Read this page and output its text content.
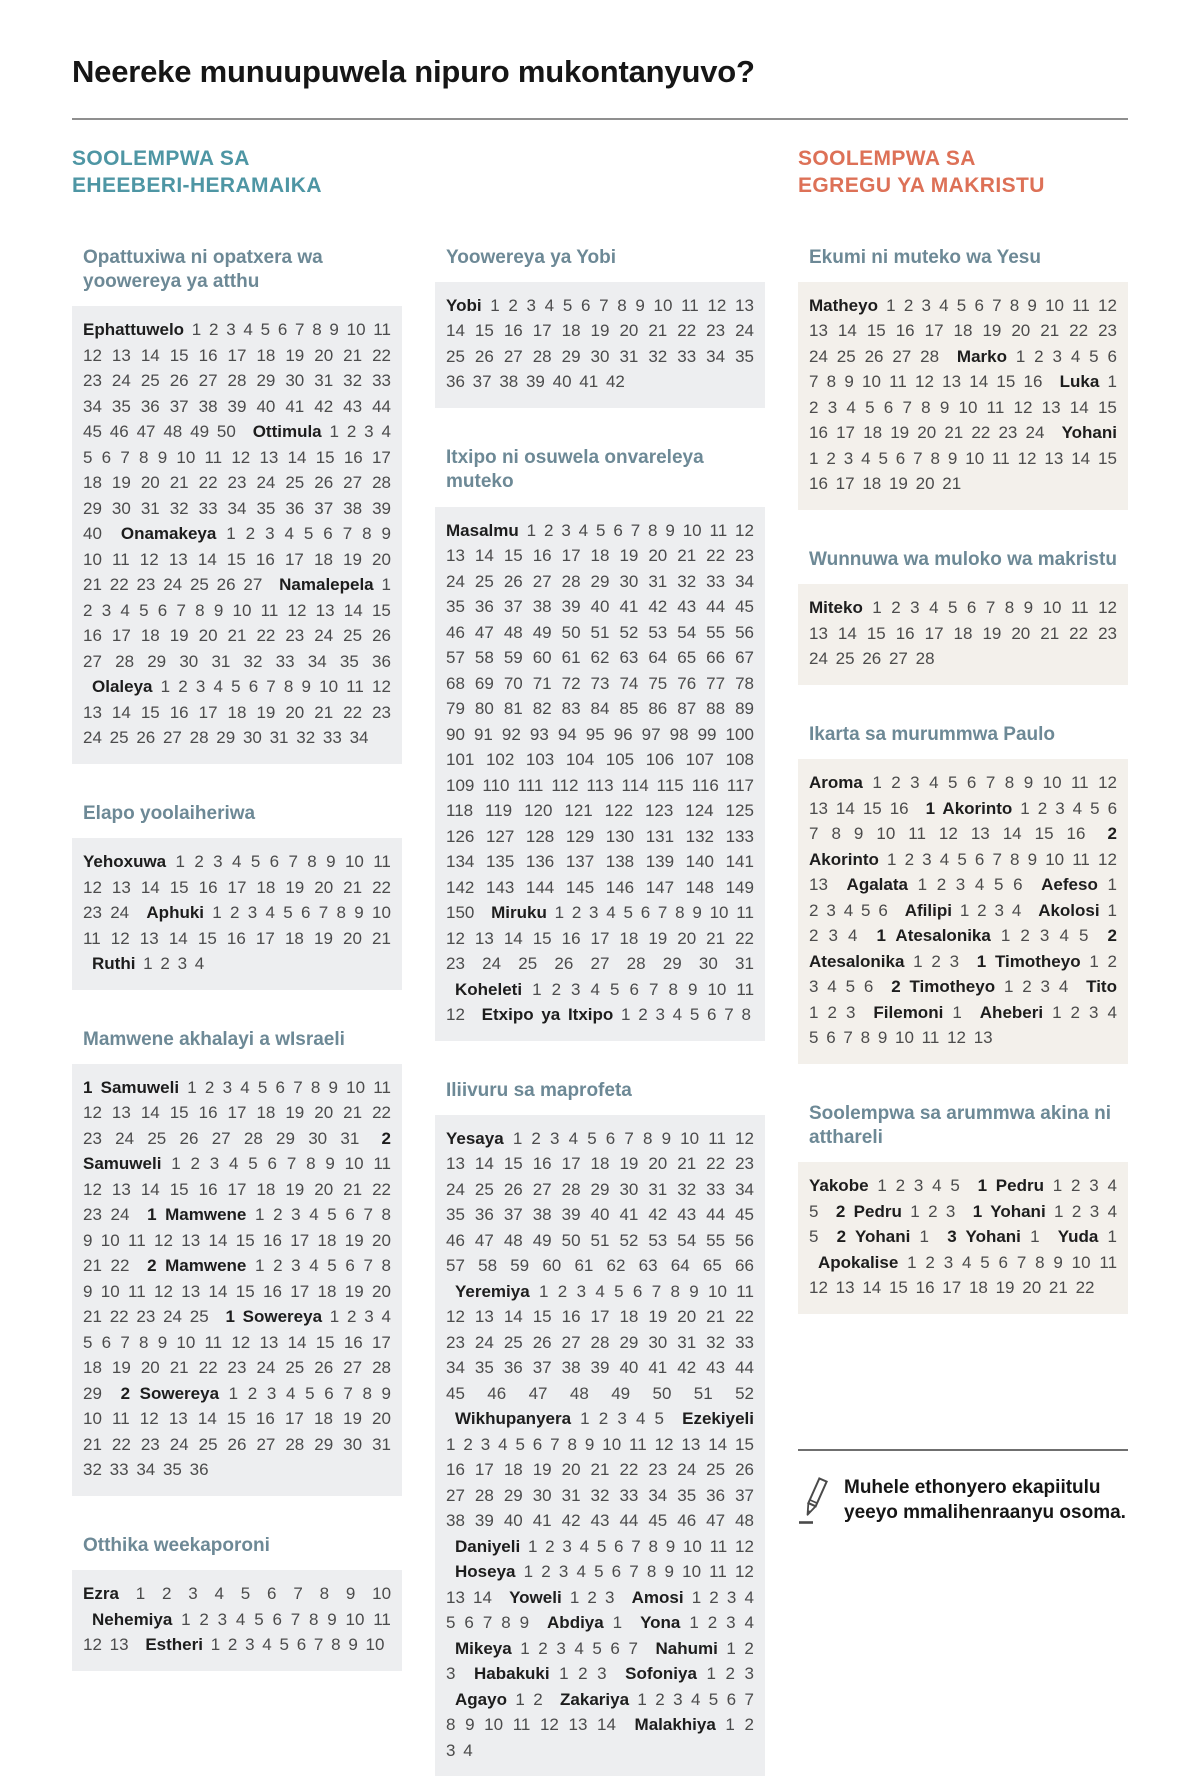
Neereke munuupuwela nipuro mukontanyuvo?
SOOLEMPWA SA
EHEEBERI-HERAMAIKA
SOOLEMPWA SA
EGREGU YA MAKRISTU
Opattuxiwa ni opatxera wa yoowereya ya atthu
Ephattuwelo 1 2 3 4 5 6 7 8 9 10 11 12 13 14 15 16 17 18 19 20 21 22 23 24 25 26 27 28 29 30 31 32 33 34 35 36 37 38 39 40 41 42 43 44 45 46 47 48 49 50 Ottimula 1 2 3 4 5 6 7 8 9 10 11 12 13 14 15 16 17 18 19 20 21 22 23 24 25 26 27 28 29 30 31 32 33 34 35 36 37 38 39 40 Onamakeya 1 2 3 4 5 6 7 8 9 10 11 12 13 14 15 16 17 18 19 20 21 22 23 24 25 26 27 Namalepela 1 2 3 4 5 6 7 8 9 10 11 12 13 14 15 16 17 18 19 20 21 22 23 24 25 26 27 28 29 30 31 32 33 34 35 36 Olaleya 1 2 3 4 5 6 7 8 9 10 11 12 13 14 15 16 17 18 19 20 21 22 23 24 25 26 27 28 29 30 31 32 33 34
Elapo yoolaiheriwa
Yehoxuwa 1 2 3 4 5 6 7 8 9 10 11 12 13 14 15 16 17 18 19 20 21 22 23 24 Aphuki 1 2 3 4 5 6 7 8 9 10 11 12 13 14 15 16 17 18 19 20 21 Ruthi 1 2 3 4
Mamwene akhalayi a wIsraeli
1 Samuweli 1 2 3 4 5 6 7 8 9 10 11 12 13 14 15 16 17 18 19 20 21 22 23 24 25 26 27 28 29 30 31 2 Samuweli 1 2 3 4 5 6 7 8 9 10 11 12 13 14 15 16 17 18 19 20 21 22 23 24 1 Mamwene 1 2 3 4 5 6 7 8 9 10 11 12 13 14 15 16 17 18 19 20 21 22 2 Mamwene 1 2 3 4 5 6 7 8 9 10 11 12 13 14 15 16 17 18 19 20 21 22 23 24 25 1 Sowereya 1 2 3 4 5 6 7 8 9 10 11 12 13 14 15 16 17 18 19 20 21 22 23 24 25 26 27 28 29 2 Sowereya 1 2 3 4 5 6 7 8 9 10 11 12 13 14 15 16 17 18 19 20 21 22 23 24 25 26 27 28 29 30 31 32 33 34 35 36
Otthika weekaporoni
Ezra 1 2 3 4 5 6 7 8 9 10 Nehemiya 1 2 3 4 5 6 7 8 9 10 11 12 13 Estheri 1 2 3 4 5 6 7 8 9 10
Yoowereya ya Yobi
Yobi 1 2 3 4 5 6 7 8 9 10 11 12 13 14 15 16 17 18 19 20 21 22 23 24 25 26 27 28 29 30 31 32 33 34 35 36 37 38 39 40 41 42
Itxipo ni osuwela onvareleya muteko
Masalmu 1 2 3 4 5 6 7 8 9 10 11 12 13 14 15 16 17 18 19 20 21 22 23 24 25 26 27 28 29 30 31 32 33 34 35 36 37 38 39 40 41 42 43 44 45 46 47 48 49 50 51 52 53 54 55 56 57 58 59 60 61 62 63 64 65 66 67 68 69 70 71 72 73 74 75 76 77 78 79 80 81 82 83 84 85 86 87 88 89 90 91 92 93 94 95 96 97 98 99 100 101 102 103 104 105 106 107 108 109 110 111 112 113 114 115 116 117 118 119 120 121 122 123 124 125 126 127 128 129 130 131 132 133 134 135 136 137 138 139 140 141 142 143 144 145 146 147 148 149 150 Miruku 1 2 3 4 5 6 7 8 9 10 11 12 13 14 15 16 17 18 19 20 21 22 23 24 25 26 27 28 29 30 31 Koheleti 1 2 3 4 5 6 7 8 9 10 11 12 Etxipo ya Itxipo 1 2 3 4 5 6 7 8
Iliivuru sa maprofeta
Yesaya 1 2 3 4 5 6 7 8 9 10 11 12 13 14 15 16 17 18 19 20 21 22 23 24 25 26 27 28 29 30 31 32 33 34 35 36 37 38 39 40 41 42 43 44 45 46 47 48 49 50 51 52 53 54 55 56 57 58 59 60 61 62 63 64 65 66 Yeremiya 1 2 3 4 5 6 7 8 9 10 11 12 13 14 15 16 17 18 19 20 21 22 23 24 25 26 27 28 29 30 31 32 33 34 35 36 37 38 39 40 41 42 43 44 45 46 47 48 49 50 51 52 Wikhupanyera 1 2 3 4 5 Ezekiyeli 1 2 3 4 5 6 7 8 9 10 11 12 13 14 15 16 17 18 19 20 21 22 23 24 25 26 27 28 29 30 31 32 33 34 35 36 37 38 39 40 41 42 43 44 45 46 47 48 Daniyeli 1 2 3 4 5 6 7 8 9 10 11 12 Hoseya 1 2 3 4 5 6 7 8 9 10 11 12 13 14 Yoweli 1 2 3 Amosi 1 2 3 4 5 6 7 8 9 Abdiya 1 Yona 1 2 3 4 Mikeya 1 2 3 4 5 6 7 Nahumi 1 2 3 Habakuki 1 2 3 Sofoniya 1 2 3 Agayo 1 2 Zakariya 1 2 3 4 5 6 7 8 9 10 11 12 13 14 Malakhiya 1 2 3 4
Ekumi ni muteko wa Yesu
Matheyo 1 2 3 4 5 6 7 8 9 10 11 12 13 14 15 16 17 18 19 20 21 22 23 24 25 26 27 28 Marko 1 2 3 4 5 6 7 8 9 10 11 12 13 14 15 16 Luka 1 2 3 4 5 6 7 8 9 10 11 12 13 14 15 16 17 18 19 20 21 22 23 24 Yohani 1 2 3 4 5 6 7 8 9 10 11 12 13 14 15 16 17 18 19 20 21
Wunnuwa wa muloko wa makristu
Miteko 1 2 3 4 5 6 7 8 9 10 11 12 13 14 15 16 17 18 19 20 21 22 23 24 25 26 27 28
Ikarta sa murummwa Paulo
Aroma 1 2 3 4 5 6 7 8 9 10 11 12 13 14 15 16 1 Akorinto 1 2 3 4 5 6 7 8 9 10 11 12 13 14 15 16 2 Akorinto 1 2 3 4 5 6 7 8 9 10 11 12 13 Agalata 1 2 3 4 5 6 Aefeso 1 2 3 4 5 6 Afilipi 1 2 3 4 Akolosi 1 2 3 4 1 Atesalonika 1 2 3 4 5 2 Atesalonika 1 2 3 1 Timotheyo 1 2 3 4 5 6 2 Timotheyo 1 2 3 4 Tito 1 2 3 Filemoni 1 Aheberi 1 2 3 4 5 6 7 8 9 10 11 12 13
Soolempwa sa arummwa akina ni atthareli
Yakobe 1 2 3 4 5 1 Pedru 1 2 3 4 5 2 Pedru 1 2 3 1 Yohani 1 2 3 4 5 2 Yohani 1 3 Yohani 1 Yuda 1 Apokalise 1 2 3 4 5 6 7 8 9 10 11 12 13 14 15 16 17 18 19 20 21 22
Muhele ethonyero ekapiitulu yeeyo mmalihenraanyu osoma.
